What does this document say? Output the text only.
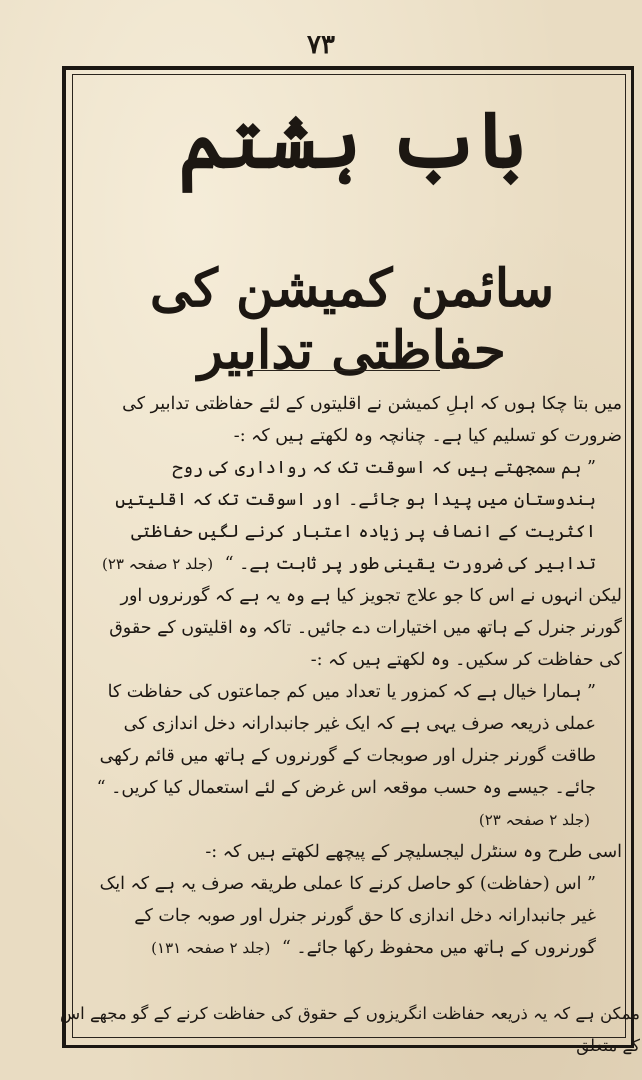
۷۳
باب ہشتم
سائمن کمیشن کی حفاظتی تدابیر

میں بتا چکا ہوں کہ اہلِ کمیشن نے اقلیتوں کے لئے حفاظتی تدابیر کی ضرورت کو تسلیم کیا ہے۔ چنانچہ وہ لکھتے ہیں کہ :-

” ہم سمجھتے ہیں کہ اسوقت تک کہ رواداری کی روح ہندوستان میں پیدا ہو جائے۔ اور اسوقت تک کہ اقلیتیں اکثریت کے انصاف پر زیادہ اعتبار کرنے لگیں حفاظتی تدابیر کی ضرورت یقینی طور پر ثابت ہے۔ “ (جلد ۲ صفحہ ۲۳)

لیکن انہوں نے اس کا جو علاج تجویز کیا ہے وہ یہ ہے کہ گورنروں اور گورنر جنرل کے ہاتھ میں اختیارات دے جائیں۔ تاکہ وہ اقلیتوں کے حقوق کی حفاظت کر سکیں۔ وہ لکھتے ہیں کہ :-

” ہمارا خیال ہے کہ کمزور یا تعداد میں کم جماعتوں کی حفاظت کا عملی ذریعہ صرف یہی ہے کہ ایک غیر جانبدارانہ دخل اندازی کی طاقت گورنر جنرل اور صوبجات کے گورنروں کے ہاتھ میں قائم رکھی جائے۔ جیسے وہ حسب موقعہ اس غرض کے لئے استعمال کیا کریں۔ “ (جلد ۲ صفحہ ۲۳)

اسی طرح وہ سنٹرل لیجسلیچر کے پیچھے لکھتے ہیں کہ :-

” اس (حفاظت) کو حاصل کرنے کا عملی طریقہ صرف یہ ہے کہ ایک غیر جانبدارانہ دخل اندازی کا حق گورنر جنرل اور صوبہ جات کے گورنروں کے ہاتھ میں محفوظ رکھا جائے۔ “ (جلد ۲ صفحہ ۱۳۱)

ممکن ہے کہ یہ ذریعہ حفاظت انگریزوں کے حقوق کی حفاظت کرنے کے گو مجھے اس کے متعلق
